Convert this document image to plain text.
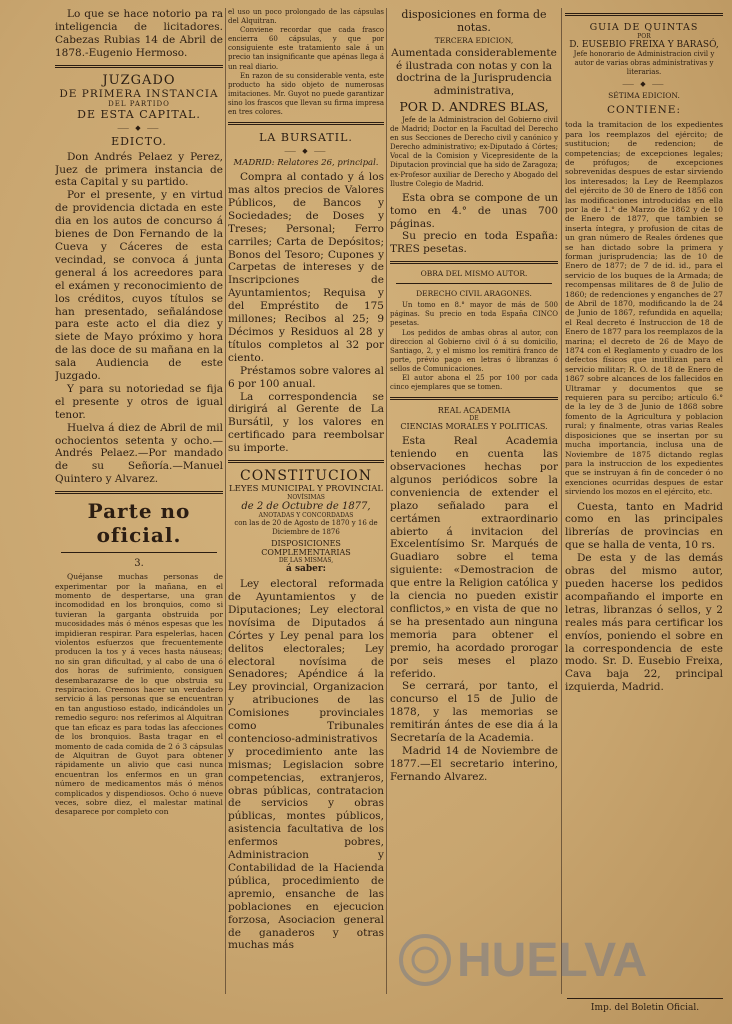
Lo que se hace notorio pa ra inteligencia de licitadores. Cabezas Rubias 14 de Abril de 1878.-Eugenio Hermoso.

JUZGADO

DE PRIMERA INSTANCIA

DEL PARTIDO

DE ESTA CAPITAL.

⸺ ◆ ⸺

EDICTO.

Don Andrés Pelaez y Perez, Juez de primera instancia de esta Capital y su partido.

Por el presente, y en virtud de providencia dictada en este dia en los autos de concurso á bienes de Don Fernando de la Cueva y Cáceres de esta vecindad, se convoca á junta general á los acreedores para el exámen y reconocimiento de los créditos, cuyos títulos se han presentado, señalándose para este acto el dia diez y siete de Mayo próximo y hora de las doce de su mañana en la sala Audiencia de este Juzgado.

Y para su notoriedad se fija el presente y otros de igual tenor.

Huelva á diez de Abril de mil ochocientos setenta y ocho.—Andrés Pelaez.—Por mandado de su Señoría.—Manuel Quintero y Alvarez.

Parte no oficial.

3.

Quéjanse muchas personas de experimentar por la mañana, en el momento de despertarse, una gran incomodidad en los bronquios, como si tuvieran la garganta obstruida por mucosidades más ó ménos espesas que les impidieran respirar. Para espelerlas, hacen violentos esfuerzos que frecuentemente producen la tos y á veces hasta náuseas; no sin gran dificultad, y al cabo de una ó dos horas de sufrimiento, consiguen desembarazarse de lo que obstruia su respiracion. Creemos hacer un verdadero servicio á las personas que se encuentran en tan angustioso estado, indicándoles un remedio seguro: nos referimos al Alquitran que tan eficaz es para todas las afecciones de los bronquios. Basta tragar en el momento de cada comida de 2 ó 3 cápsulas de Alquitran de Guyot para obtener rápidamente un alivio que casi nunca encuentran los enfermos en un gran número de medicamentos más ó ménos complicados y dispendiosos. Ocho ó nueve veces, sobre diez, el malestar matinal desaparece por completo con

el uso un poco prolongado de las cápsulas del Alquitran.

Conviene recordar que cada frasco encierra 60 cápsulas, y que por consiguiente este tratamiento sale á un precio tan insignificante que apénas llega á un real diario.

En razon de su considerable venta, este producto ha sido objeto de numerosas imitaciones. Mr. Guyot no puede garantizar sino los frascos que llevan su firma impresa en tres colores.

LA BURSATIL.

⸺ ◆ ⸺

MADRID: Relatores 26, principal.

Compra al contado y á los mas altos precios de Valores Públicos, de Bancos y Sociedades; de Doses y Treses; Personal; Ferro carriles; Carta de Depósitos; Bonos del Tesoro; Cupones y Carpetas de intereses y de Inscripciones de Ayuntamientos; Requisa y del Empréstito de 175 millones; Recibos al 25; 9 Décimos y Residuos al 28 y títulos completos al 32 por ciento.

Préstamos sobre valores al 6 por 100 anual.

La correspondencia se dirigirá al Gerente de La Bursátil, y los valores en certificado para reembolsar su importe.

CONSTITUCION

LEYES MUNICIPAL Y PROVINCIAL

NOVÍSIMAS

de 2 de Octubre de 1877,

ANOTADAS Y CONCORDADAS

con las de 20 de Agosto de 1870 y 16 de Diciembre de 1876

DISPOSICIONES COMPLEMENTARIAS

DE LAS MISMAS,

á saber:

Ley electoral reformada de Ayuntamientos y de Diputaciones; Ley electoral novísima de Diputados á Córtes y Ley penal para los delitos electorales; Ley electoral novísima de Senadores; Apéndice á la Ley provincial, Organizacion y atribuciones de las Comisiones provinciales como Tribunales contencioso-administrativos y procedimiento ante las mismas; Legislacion sobre competencias, extranjeros, obras públicas, contratacion de servicios y obras públicas, montes públicos, asistencia facultativa de los enfermos pobres, Administracion y Contabilidad de la Hacienda pública, procedimiento de apremio, ensanche de las poblaciones en ejecucion forzosa, Asociacion general de ganaderos y otras muchas más

disposiciones en forma de notas.

TERCERA EDICION,

Aumentada considerablemente é ilustrada con notas y con la doctrina de la Jurisprudencia administrativa,

POR D. ANDRES BLAS,

Jefe de la Administracion del Gobierno civil de Madrid; Doctor en la Facultad del Derecho en sus Secciones de Derecho civil y canónico y Derecho administrativo; ex-Diputado á Córtes; Vocal de la Comision y Vicepresidente de la Diputacion provincial que ha sido de Zaragoza; ex-Profesor auxiliar de Derecho y Abogado del Ilustre Colegio de Madrid.

Esta obra se compone de un tomo en 4.° de unas 700 páginas.

Su precio en toda España: TRES pesetas.

OBRA DEL MISMO AUTOR.

DERECHO CIVIL ARAGONES.

Un tomo en 8.° mayor de más de 500 páginas. Su precio en toda España CINCO pesetas.

Los pedidos de ambas obras al autor, con direccion al Gobierno civil ó á su domicilio, Santiago, 2, y el mismo los remitirá franco de porte, prévio pago en letras ó libranzas ó sellos de Comunicaciones.

El autor abona el 25 por 100 por cada cinco ejemplares que se tomen.

REAL ACADEMIA

DE

CIENCIAS MORALES Y POLITICAS.

Esta Real Academia teniendo en cuenta las observaciones hechas por algunos periódicos sobre la conveniencia de extender el plazo señalado para el certámen extraordinario abierto á invitacion del Excelentísimo Sr. Marqués de Guadiaro sobre el tema siguiente: «Demostracion de que entre la Religion católica y la ciencia no pueden existir conflictos,» en vista de que no se ha presentado aun ninguna memoria para obtener el premio, ha acordado prorogar por seis meses el plazo referido.

Se cerrará, por tanto, el concurso el 15 de Julio de 1878, y las memorias se remitirán ántes de ese dia á la Secretaría de la Academia.

Madrid 14 de Noviembre de 1877.—El secretario interino, Fernando Alvarez.

GUIA DE QUINTAS

POR

D. EUSEBIO FREIXA Y BARASÓ,

Jefe honorario de Administracion civil y autor de varias obras administrativas y literarias.

⸺ ◆ ⸺

SÉTIMA EDICION.

CONTIENE:

toda la tramitacion de los expedientes para los reemplazos del ejército; de sustitucion; de redencion; de competencias; de excepciones legales; de prófugos; de excepciones sobrevenidas despues de estar sirviendo los interesados; la Ley de Reemplazos del ejército de 30 de Enero de 1856 con las modificaciones introducidas en ella por la de 1.° de Marzo de 1862 y de 10 de Enero de 1877, que tambien se inserta íntegra, y profusion de citas de un gran número de Reales órdenes que se han dictado sobre la primera y forman jurisprudencia; las de 10 de Enero de 1877; de 7 de id. id., para el servicio de los buques de la Armada; de recompensas militares de 8 de Julio de 1860; de redenciones y enganches de 27 de Abril de 1870, modificando la de 24 de Junio de 1867, refundida en aquella; el Real decreto é Instruccion de 18 de Enero de 1877 para los reemplazos de la marina; el decreto de 26 de Mayo de 1874 con el Reglamento y cuadro de los defectos físicos que inutilizan para el servicio militar; R. O. de 18 de Enero de 1867 sobre alcances de los fallecidos en Ultramar y documentos que se requieren para su percibo; artículo 6.° de la ley de 3 de Junio de 1868 sobre fomento de la Agricultura y poblacion rural; y finalmente, otras varias Reales disposiciones que se insertan por su mucha importancia, inclusa una de Noviembre de 1875 dictando reglas para la instruccion de los expedientes que se instruyan á fin de conceder ó no exenciones ocurridas despues de estar sirviendo los mozos en el ejército, etc.

Cuesta, tanto en Madrid como en las principales librerías de provincias en que se halla de venta, 10 rs.

De esta y de las demás obras del mismo autor, pueden hacerse los pedidos acompañando el importe en letras, libranzas ó sellos, y 2 reales más para certificar los envíos, poniendo el sobre en la correspondencia de este modo. Sr. D. Eusebio Freixa, Cava baja 22, principal izquierda, Madrid.

Imp. del Boletin Oficial.
HUELVA
